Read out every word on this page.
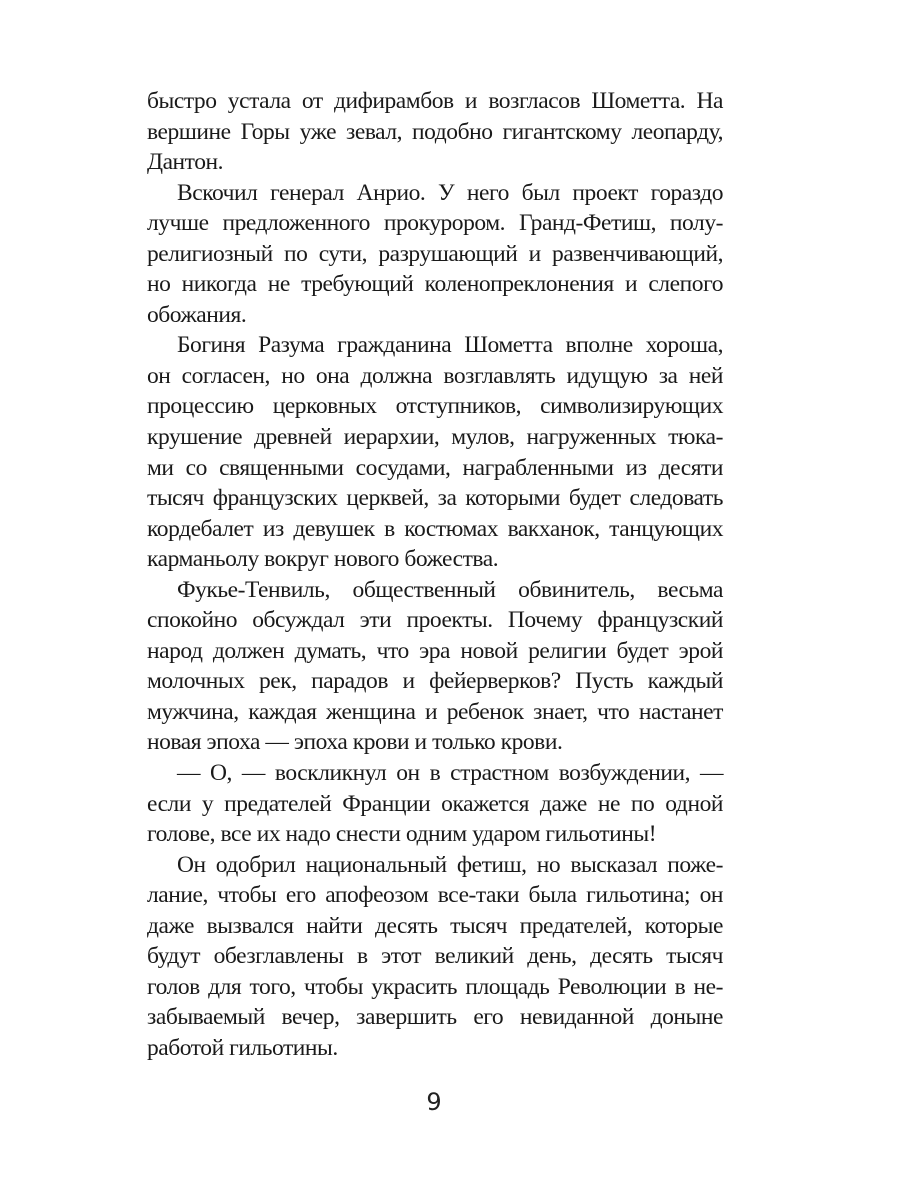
быстро устала от дифирамбов и возгласов Шометта. На
вершине Горы уже зевал, подобно гигантскому леопарду,
Дантон.
Вскочил генерал Анрио. У него был проект гораздо
лучше предложенного прокурором. Гранд-Фетиш, полу-
религиозный по сути, разрушающий и развенчивающий,
но никогда не требующий коленопреклонения и слепого
обожания.
Богиня Разума гражданина Шометта вполне хороша,
он согласен, но она должна возглавлять идущую за ней
процессию церковных отступников, символизирующих
крушение древней иерархии, мулов, нагруженных тюка-
ми со священными сосудами, награбленными из десяти
тысяч французских церквей, за которыми будет следовать
кордебалет из девушек в костюмах вакханок, танцующих
карманьолу вокруг нового божества.
Фукье-Тенвиль, общественный обвинитель, весьма
спокойно обсуждал эти проекты. Почему французский
народ должен думать, что эра новой религии будет эрой
молочных рек, парадов и фейерверков? Пусть каждый
мужчина, каждая женщина и ребенок знает, что настанет
новая эпоха — эпоха крови и только крови.
— О, — воскликнул он в страстном возбуждении, —
если у предателей Франции окажется даже не по одной
голове, все их надо снести одним ударом гильотины!
Он одобрил национальный фетиш, но высказал поже-
лание, чтобы его апофеозом все-таки была гильотина; он
даже вызвался найти десять тысяч предателей, которые
будут обезглавлены в этот великий день, десять тысяч
голов для того, чтобы украсить площадь Революции в не-
забываемый вечер, завершить его невиданной доныне
работой гильотины.
9
